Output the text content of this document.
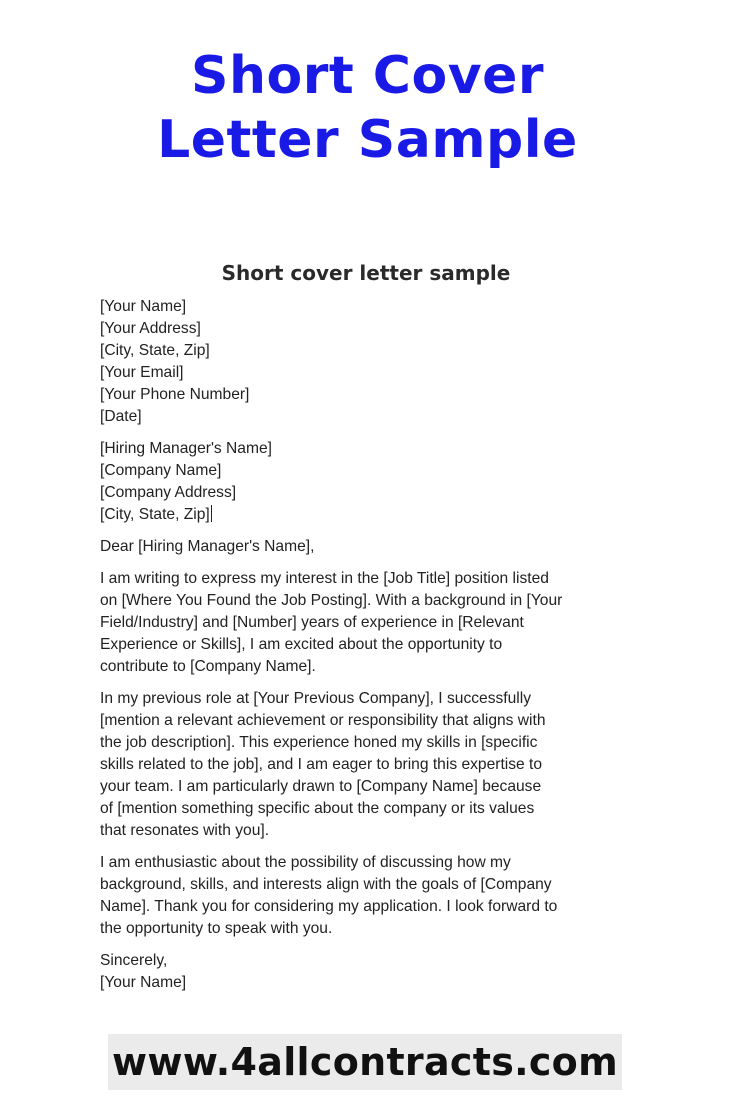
Short Cover
Letter Sample
Short cover letter sample
[Your Name]
[Your Address]
[City, State, Zip]
[Your Email]
[Your Phone Number]
[Date]
[Hiring Manager's Name]
[Company Name]
[Company Address]
[City, State, Zip]
Dear [Hiring Manager's Name],
I am writing to express my interest in the [Job Title] position listed
on [Where You Found the Job Posting]. With a background in [Your
Field/Industry] and [Number] years of experience in [Relevant
Experience or Skills], I am excited about the opportunity to
contribute to [Company Name].
In my previous role at [Your Previous Company], I successfully
[mention a relevant achievement or responsibility that aligns with
the job description]. This experience honed my skills in [specific
skills related to the job], and I am eager to bring this expertise to
your team. I am particularly drawn to [Company Name] because
of [mention something specific about the company or its values
that resonates with you].
I am enthusiastic about the possibility of discussing how my
background, skills, and interests align with the goals of [Company
Name]. Thank you for considering my application. I look forward to
the opportunity to speak with you.
Sincerely,
[Your Name]
www.4allcontracts.com
